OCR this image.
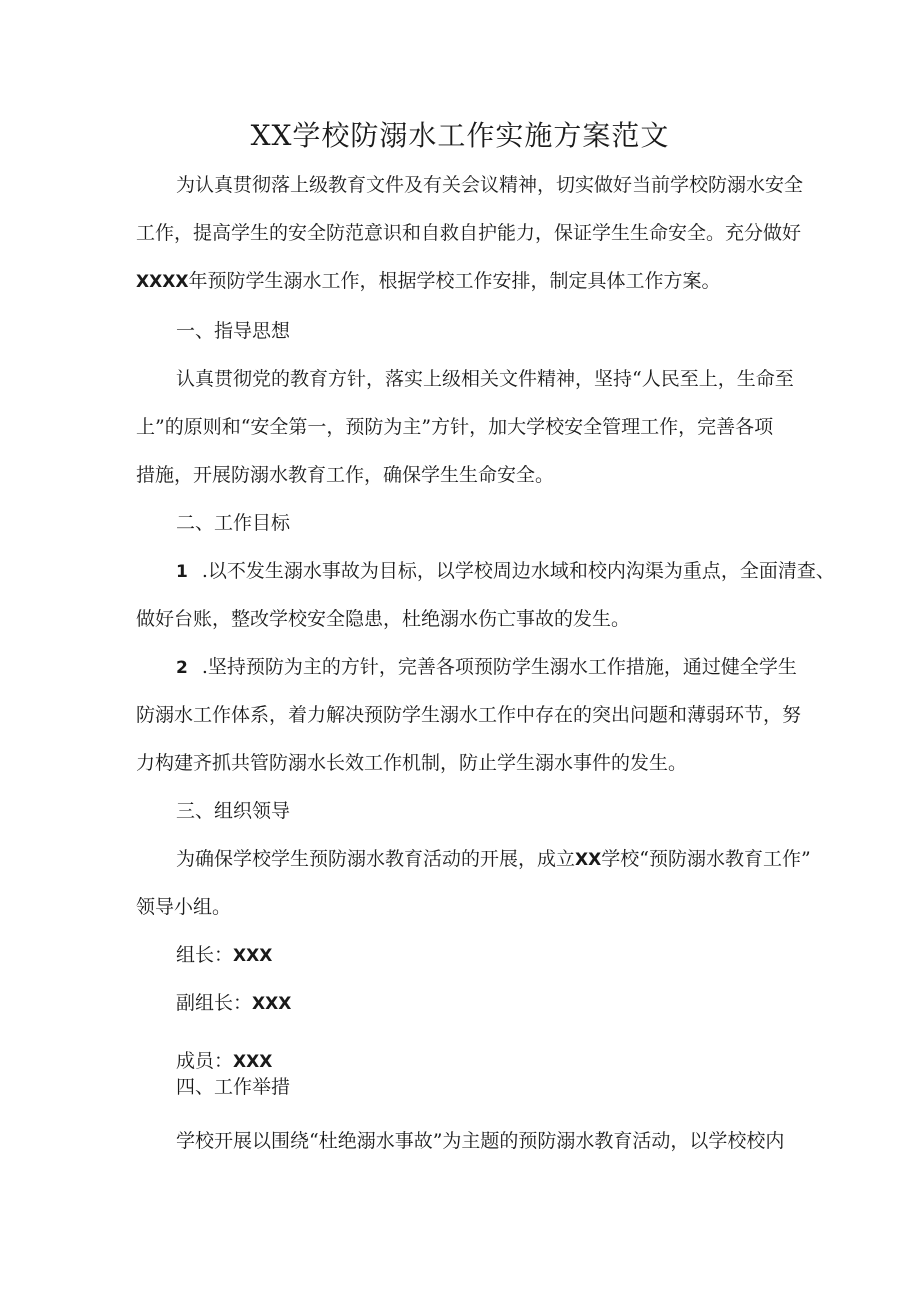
XX学校防溺水工作实施方案范文
为认真贯彻落上级教育文件及有关会议精神，切实做好当前学校防溺水安全
工作，提高学生的安全防范意识和自救自护能力，保证学生生命安全。充分做好
XXXX年预防学生溺水工作，根据学校工作安排，制定具体工作方案。
一、指导思想
认真贯彻党的教育方针，落实上级相关文件精神，坚持“人民至上，生命至
上”的原则和“安全第一，预防为主”方针，加大学校安全管理工作，完善各项
措施，开展防溺水教育工作，确保学生生命安全。
二、工作目标
1 .以不发生溺水事故为目标，以学校周边水域和校内沟渠为重点，全面清查、
做好台账，整改学校安全隐患，杜绝溺水伤亡事故的发生。
2 .坚持预防为主的方针，完善各项预防学生溺水工作措施，通过健全学生
防溺水工作体系，着力解决预防学生溺水工作中存在的突出问题和薄弱环节，努
力构建齐抓共管防溺水长效工作机制，防止学生溺水事件的发生。
三、组织领导
为确保学校学生预防溺水教育活动的开展，成立XX学校“预防溺水教育工作”
领导小组。
组长：XXX
副组长：XXX
成员：XXX
四、工作举措
学校开展以围绕“杜绝溺水事故”为主题的预防溺水教育活动，以学校校内
